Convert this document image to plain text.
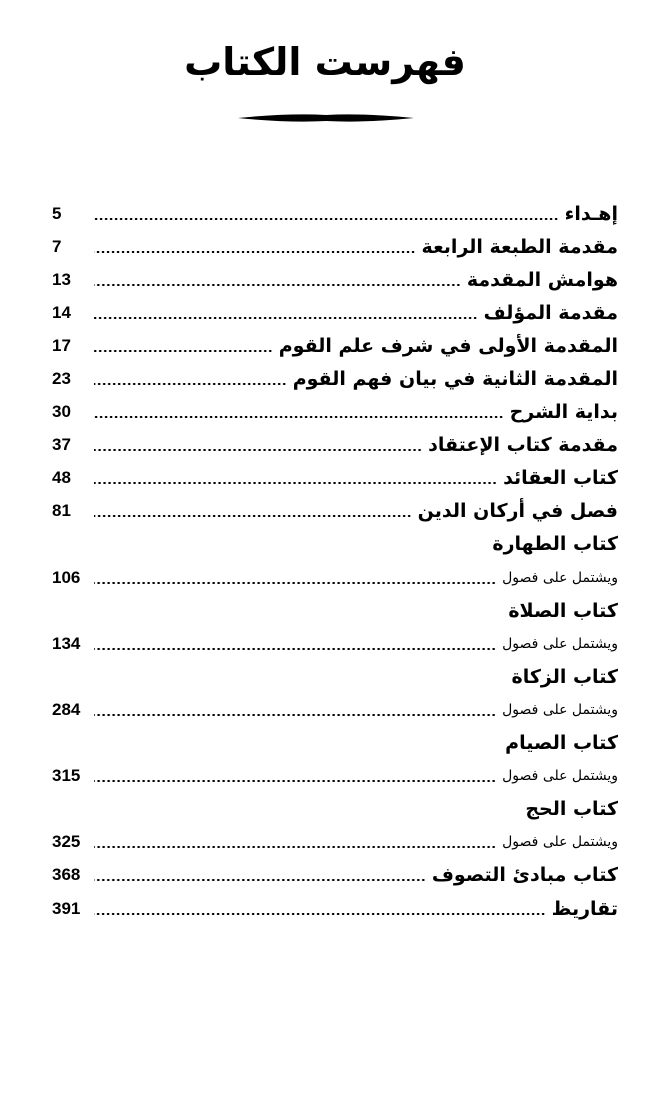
فهرست الكتاب
إهـداء
5
مقدمة الطبعة الرابعة
7
هوامش المقدمة
13
مقدمة المؤلف
14
المقدمة الأولى في شرف علم القوم
17
المقدمة الثانية في بيان فهم القوم
23
بداية الشرح
30
مقدمة كتاب الإعتقاد
37
كتاب العقائد
48
فصل في أركان الدين
81
كتاب الطهارة
ويشتمل على فصول
106
كتاب الصلاة
ويشتمل على فصول
134
كتاب الزكاة
ويشتمل على فصول
284
كتاب الصيام
ويشتمل على فصول
315
كتاب الحج
ويشتمل على فصول
325
كتاب مبادئ التصوف
368
تقاريظ
391
